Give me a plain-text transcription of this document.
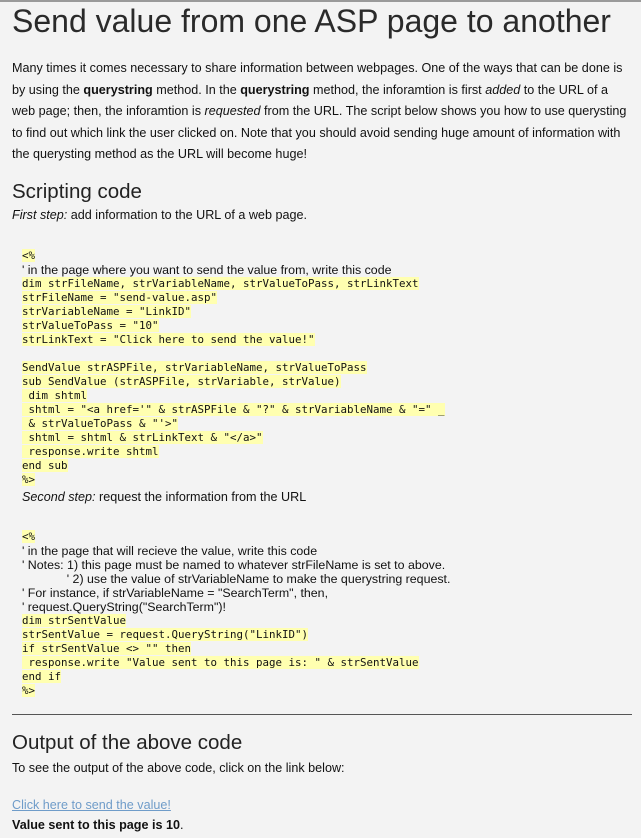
Send value from one ASP page to another

Many times it comes necessary to share information between webpages. One of the ways that can be done is by using the querystring method. In the querystring method, the inforamtion is first added to the URL of a web page; then, the inforamtion is requested from the URL. The script below shows you how to use querysting to find out which link the user clicked on. Note that you should avoid sending huge amount of information with the querysting method as the URL will become huge!

Scripting code
First step: add information to the URL of a web page.
<%
' in the page where you want to send the value from, write this code
dim strFileName, strVariableName, strValueToPass, strLinkText
strFileName = "send-value.asp"
strVariableName = "LinkID"
strValueToPass = "10"
strLinkText = "Click here to send the value!"
SendValue strASPFile, strVariableName, strValueToPass
sub SendValue (strASPFile, strVariable, strValue)
dim shtml
shtml = "<a href='" & strASPFile & "?" & strVariableName & "=" _
& strValueToPass & "'>"
shtml = shtml & strLinkText & "</a>"
response.write shtml
end sub
%>
Second step: request the information from the URL
<%
' in the page that will recieve the value, write this code
' Notes: 1) this page must be named to whatever strFileName is set to above.
' 2) use the value of strVariableName to make the querystring request.
' For instance, if strVariableName = "SearchTerm", then,
' request.QueryString("SearchTerm")!
dim strSentValue
strSentValue = request.QueryString("LinkID")
if strSentValue <> "" then
response.write "Value sent to this page is: " & strSentValue
end if
%>
Output of the above code
To see the output of the above code, click on the link below:
Click here to send the value!
Value sent to this page is 10.
